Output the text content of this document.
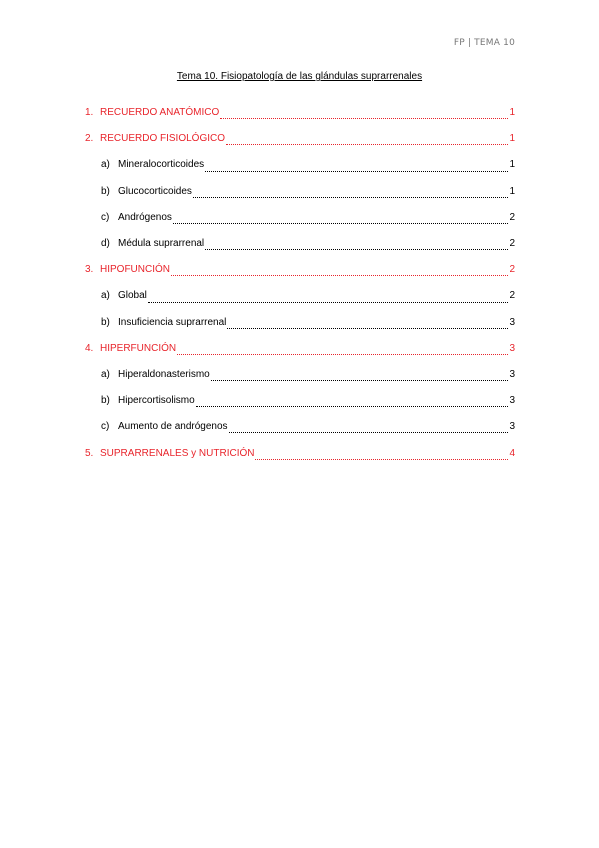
FP | TEMA 10
Tema 10. Fisiopatología de las glándulas suprarrenales
1. RECUERDO ANATÓMICO	1
2. RECUERDO FISIOLÓGICO	1
a) Mineralocorticoides	1
b) Glucocorticoides	1
c) Andrógenos	2
d) Médula suprarrenal	2
3. HIPOFUNCIÓN	2
a) Global	2
b) Insuficiencia suprarrenal	3
4. HIPERFUNCIÓN	3
a) Hiperaldonasterismo	3
b) Hipercortisolismo	3
c) Aumento de andrógenos	3
5. SUPRARRENALES y NUTRICIÓN	4
